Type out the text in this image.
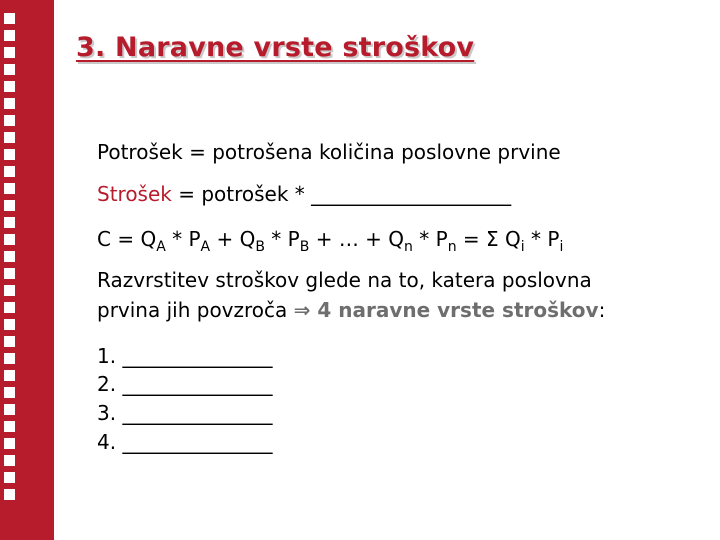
3. Naravne vrste stroškov
Potrošek = potrošena količina poslovne prvine
Strošek = potrošek * ____________________
$C = Q_A * P_A + Q_B * P_B$ + … + $Q_n * P_n = \Sigma$ $Q_i * P_i$
Razvrstitev stroškov glede na to, katera poslovna
prvina jih povzroča ⇒ 4 naravne vrste stroškov:
1. _______________
2. _______________
3. _______________
4. _______________
